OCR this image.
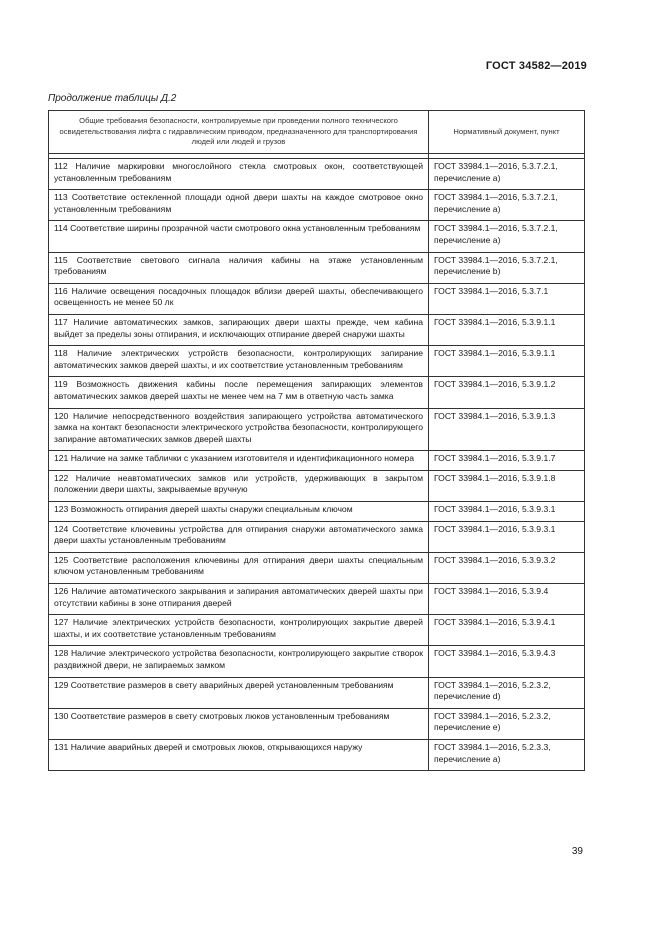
ГОСТ 34582—2019
Продолжение таблицы Д.2
Общие требования безопасности, контролируемые при проведении полного технического освидетельствования лифта с гидравлическим приводом, предназначенного для транспортирования людей или людей и грузов	Нормативный документ, пункт

112 Наличие маркировки многослойного стекла смотровых окон, соответствующей установленным требованиям	ГОСТ 33984.1—2016, 5.3.7.2.1, перечисление а)
113 Соответствие остекленной площади одной двери шахты на каждое смотровое окно установленным требованиям	ГОСТ 33984.1—2016, 5.3.7.2.1, перечисление а)
114 Соответствие ширины прозрачной части смотрового окна установленным требованиям	ГОСТ 33984.1—2016, 5.3.7.2.1, перечисление а)
115 Соответствие светового сигнала наличия кабины на этаже установленным требованиям	ГОСТ 33984.1—2016, 5.3.7.2.1, перечисление b)
116 Наличие освещения посадочных площадок вблизи дверей шахты, обеспечивающего освещенность не менее 50 лк	ГОСТ 33984.1—2016, 5.3.7.1
117 Наличие автоматических замков, запирающих двери шахты прежде, чем кабина выйдет за пределы зоны отпирания, и исключающих отпирание дверей снаружи шахты	ГОСТ 33984.1—2016, 5.3.9.1.1
118 Наличие электрических устройств безопасности, контролирующих запирание автоматических замков дверей шахты, и их соответствие установленным требованиям	ГОСТ 33984.1—2016, 5.3.9.1.1
119 Возможность движения кабины после перемещения запирающих элементов автоматических замков дверей шахты не менее чем на 7 мм в ответную часть замка	ГОСТ 33984.1—2016, 5.3.9.1.2
120 Наличие непосредственного воздействия запирающего устройства автоматического замка на контакт безопасности электрического устройства безопасности, контролирующего запирание автоматических замков дверей шахты	ГОСТ 33984.1—2016, 5.3.9.1.3
121 Наличие на замке таблички с указанием изготовителя и идентификационного номера	ГОСТ 33984.1—2016, 5.3.9.1.7
122 Наличие неавтоматических замков или устройств, удерживающих в закрытом положении двери шахты, закрываемые вручную	ГОСТ 33984.1—2016, 5.3.9.1.8
123 Возможность отпирания дверей шахты снаружи специальным ключом	ГОСТ 33984.1—2016, 5.3.9.3.1
124 Соответствие ключевины устройства для отпирания снаружи автоматического замка двери шахты установленным требованиям	ГОСТ 33984.1—2016, 5.3.9.3.1
125 Соответствие расположения ключевины для отпирания двери шахты специальным ключом установленным требованиям	ГОСТ 33984.1—2016, 5.3.9.3.2
126 Наличие автоматического закрывания и запирания автоматических дверей шахты при отсутствии кабины в зоне отпирания дверей	ГОСТ 33984.1—2016, 5.3.9.4
127 Наличие электрических устройств безопасности, контролирующих закрытие дверей шахты, и их соответствие установленным требованиям	ГОСТ 33984.1—2016, 5.3.9.4.1
128 Наличие электрического устройства безопасности, контролирующего закрытие створок раздвижной двери, не запираемых замком	ГОСТ 33984.1—2016, 5.3.9.4.3
129 Соответствие размеров в свету аварийных дверей установленным требованиям	ГОСТ 33984.1—2016, 5.2.3.2, перечисление d)
130 Соответствие размеров в свету смотровых люков установленным требованиям	ГОСТ 33984.1—2016, 5.2.3.2, перечисление e)
131 Наличие аварийных дверей и смотровых люков, открывающихся наружу	ГОСТ 33984.1—2016, 5.2.3.3, перечисление а)
39
